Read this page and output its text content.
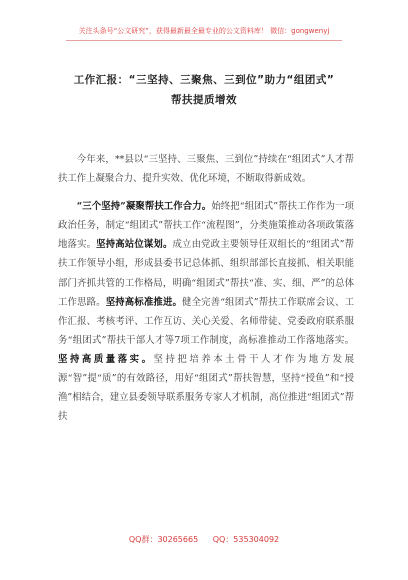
关注头条号“公文研究”，获得最新最全最专业的公文资料库！ 微信：gongwenyj
工作汇报：“三坚持、三聚焦、三到位”助力“组团式”
帮扶提质增效

今年来，**县以“三坚持、三聚焦、三到位”持续在“组团式”人才帮扶工作上凝聚合力、提升实效、优化环境，不断取得新成效。

“三个坚持”凝聚帮扶工作合力。始终把“组团式”帮扶工作作为一项政治任务，制定“组团式”帮扶工作“流程图”，分类施策推动各项政策落地落实。坚持高站位谋划。成立由党政主要领导任双组长的“组团式”帮扶工作领导小组，形成县委书记总体抓、组织部部长直接抓、相关职能部门齐抓共管的工作格局，明确“组团式”帮扶“准、实、细、严”的总体工作思路。坚持高标准推进。健全完善“组团式”帮扶工作联席会议、工作汇报、考核考评、工作互访、关心关爱、名师带徒、党委政府联系服务“组团式”帮扶干部人才等7项工作制度，高标准推动工作落地落实。坚持高质量落实。坚持把培养本土骨干人才作为地方发展源“智”提“质”的有效路径，用好“组团式”帮扶智慧，坚持“授鱼”和“授渔”相结合，建立县委领导联系服务专家人才机制，高位推进“组团式”帮扶

QQ群：30265665 QQ：535304092
